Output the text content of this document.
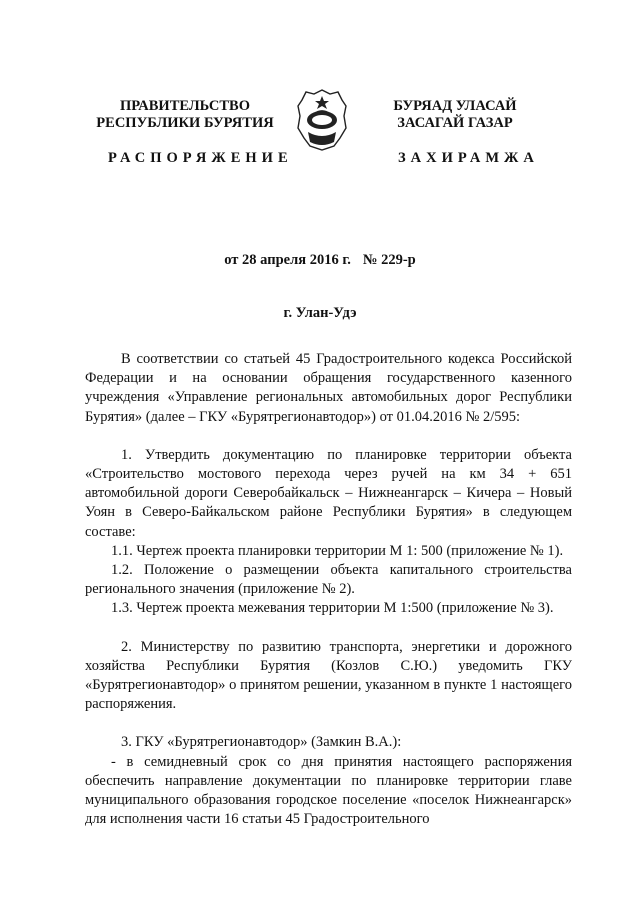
ПРАВИТЕЛЬСТВО
РЕСПУБЛИКИ БУРЯТИЯ
РАСПОРЯЖЕНИЕ
БУРЯАД УЛАСАЙ
ЗАСАГАЙ ГАЗАР
ЗАХИРАМЖА
от 28 апреля 2016 г. № 229-р
г. Улан-Удэ

В соответствии со статьей 45 Градостроительного кодекса Российской Федерации и на основании обращения государственного казенного учреждения «Управление региональных автомобильных дорог Республики Бурятия» (далее – ГКУ «Бурятрегионавтодор») от 01.04.2016 № 2/595:

1. Утвердить документацию по планировке территории объекта «Строительство мостового перехода через ручей на км 34 + 651 автомобильной дороги Северобайкальск – Нижнеангарск – Кичера – Новый Уоян в Северо-Байкальском районе Республики Бурятия» в следующем составе:

1.1. Чертеж проекта планировки территории М 1: 500 (приложение № 1).

1.2. Положение о размещении объекта капитального строительства регионального значения (приложение № 2).

1.3. Чертеж проекта межевания территории М 1:500 (приложение № 3).

2. Министерству по развитию транспорта, энергетики и дорожного хозяйства Республики Бурятия (Козлов С.Ю.) уведомить ГКУ «Бурятрегионавтодор» о принятом решении, указанном в пункте 1 настоящего распоряжения.

3. ГКУ «Бурятрегионавтодор» (Замкин В.А.):

- в семидневный срок со дня принятия настоящего распоряжения обеспечить направление документации по планировке территории главе муниципального образования городское поселение «поселок Нижнеангарск» для исполнения части 16 статьи 45 Градостроительного
